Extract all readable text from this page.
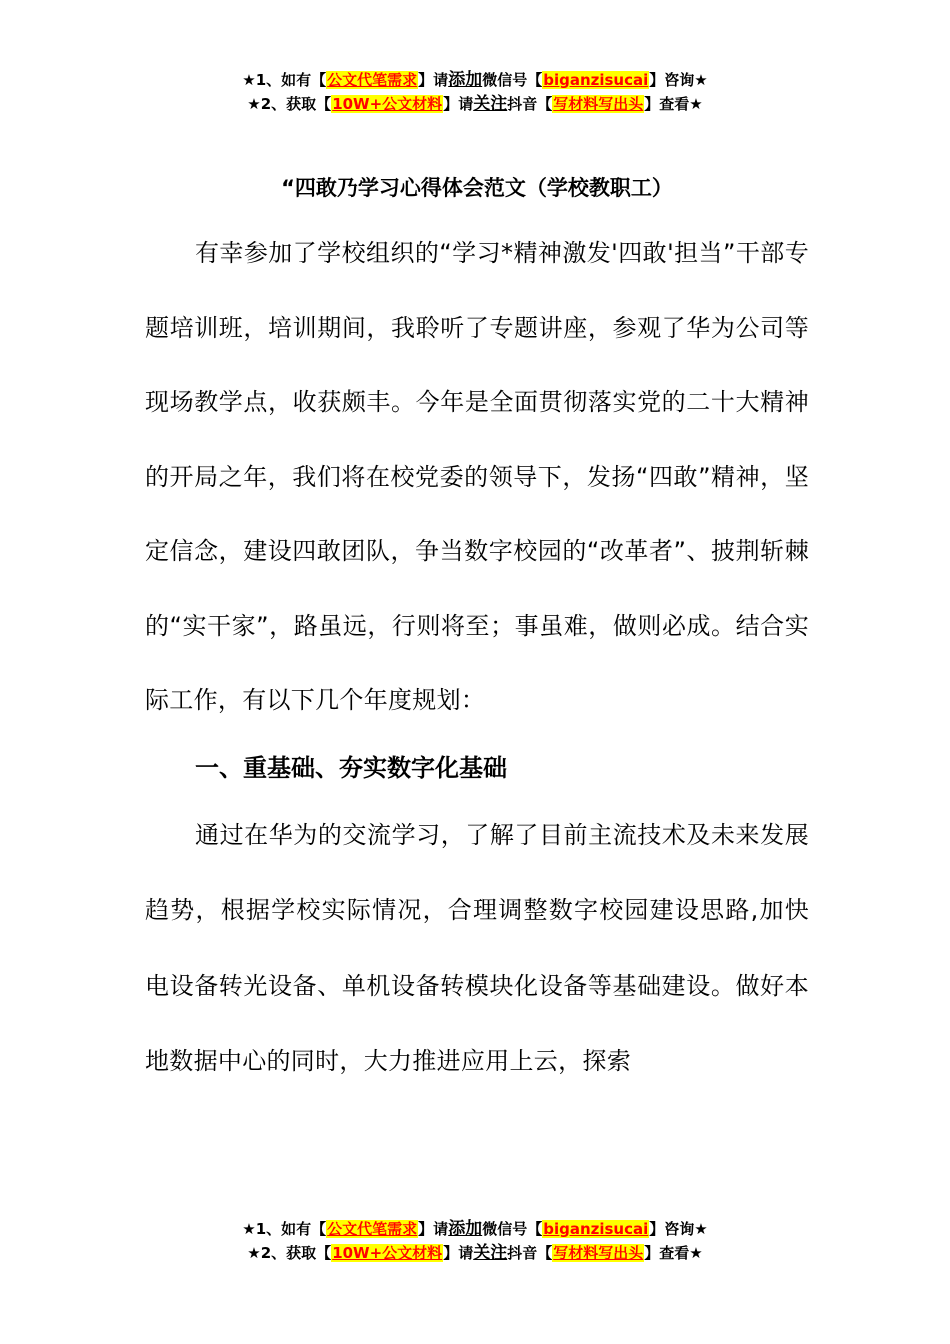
★1、如有【公文代笔需求】请添加微信号【biganzisucai】咨询★
★2、获取【10W+公文材料】请关注抖音【写材料写出头】查看★
“四敢乃学习心得体会范文（学校教职工）

有幸参加了学校组织的“学习*精神激发'四敢'担当”干部专题培训班，培训期间，我聆听了专题讲座，参观了华为公司等现场教学点，收获颇丰。今年是全面贯彻落实党的二十大精神的开局之年，我们将在校党委的领导下，发扬“四敢”精神，坚定信念，建设四敢团队，争当数字校园的“改革者”、披荆斩棘的“实干家”，路虽远，行则将至；事虽难，做则必成。结合实际工作，有以下几个年度规划：

一、重基础、夯实数字化基础

通过在华为的交流学习，了解了目前主流技术及未来发展趋势，根据学校实际情况，合理调整数字校园建设思路,加快电设备转光设备、单机设备转模块化设备等基础建设。做好本地数据中心的同时，大力推进应用上云，探索

★1、如有【公文代笔需求】请添加微信号【biganzisucai】咨询★
★2、获取【10W+公文材料】请关注抖音【写材料写出头】查看★
